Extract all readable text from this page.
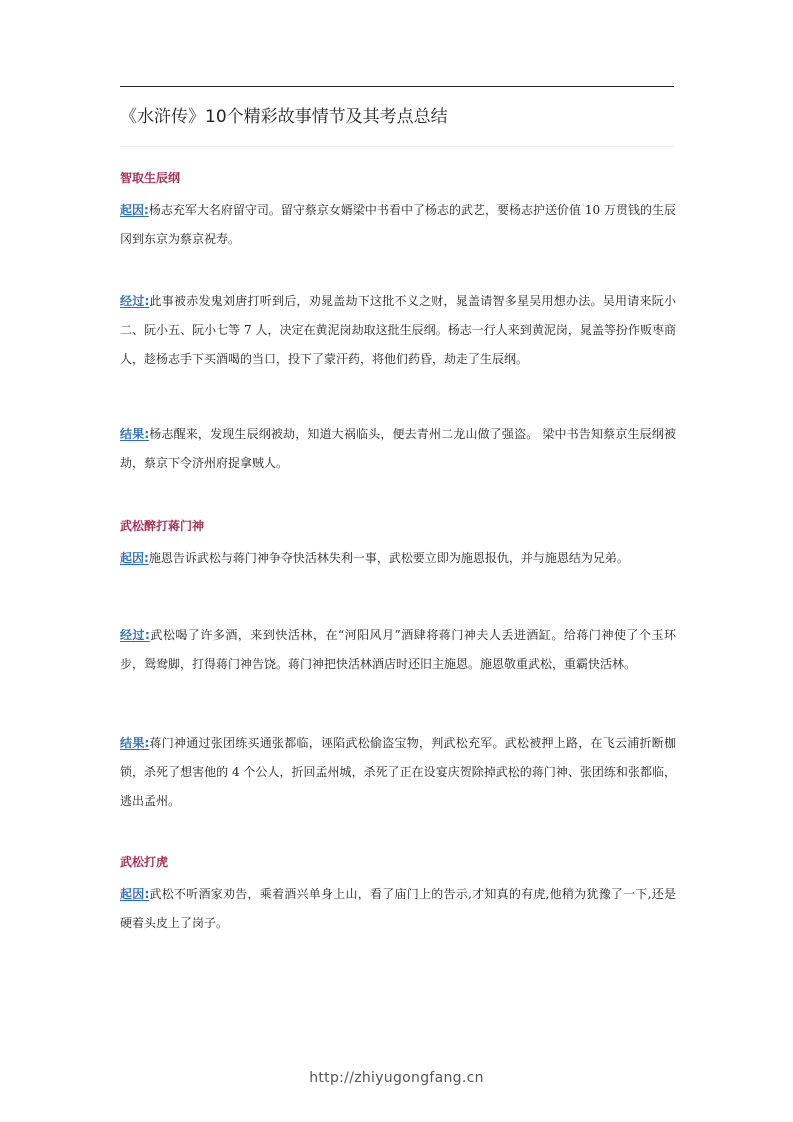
《水浒传》10个精彩故事情节及其考点总结
智取生辰纲

起因:杨志充军大名府留守司。留守蔡京女婿梁中书看中了杨志的武艺，要杨志护送价值 10 万贯钱的生辰冈到东京为蔡京祝寿。

经过:此事被赤发鬼刘唐打听到后，劝晁盖劫下这批不义之财，晁盖请智多星吴用想办法。吴用请来阮小二、阮小五、阮小七等 7 人，决定在黄泥岗劫取这批生辰纲。杨志一行人来到黄泥岗，晁盖等扮作贩枣商人，趁杨志手下买酒喝的当口，投下了蒙汗药，将他们药昏，劫走了生辰纲。

结果:杨志醒来，发现生辰纲被劫，知道大祸临头，便去青州二龙山做了强盗。 梁中书告知蔡京生辰纲被劫，蔡京下令济州府捉拿贼人。

武松醉打蒋门神

起因:施恩告诉武松与蒋门神争夺快活林失利一事，武松要立即为施恩报仇，并与施恩结为兄弟。

经过:武松喝了许多酒，来到快活林，在“河阳风月”酒肆将蒋门神夫人丢进酒缸。给蒋门神使了个玉环步，鸳鸯脚，打得蒋门神告饶。蒋门神把快活林酒店时还旧主施恩。施恩敬重武松，重霸快活林。

结果:蒋门神通过张团练买通张都临，诬陷武松偷盗宝物，判武松充军。武松被押上路，在飞云浦折断枷锁，杀死了想害他的 4 个公人，折回孟州城，杀死了正在设宴庆贺除掉武松的蒋门神、张团练和张都临，逃出孟州。

武松打虎

起因:武松不听酒家劝告，乘着酒兴单身上山，看了庙门上的告示,才知真的有虎,他稍为犹豫了一下,还是硬着头皮上了岗子。

http://zhiyugongfang.cn
